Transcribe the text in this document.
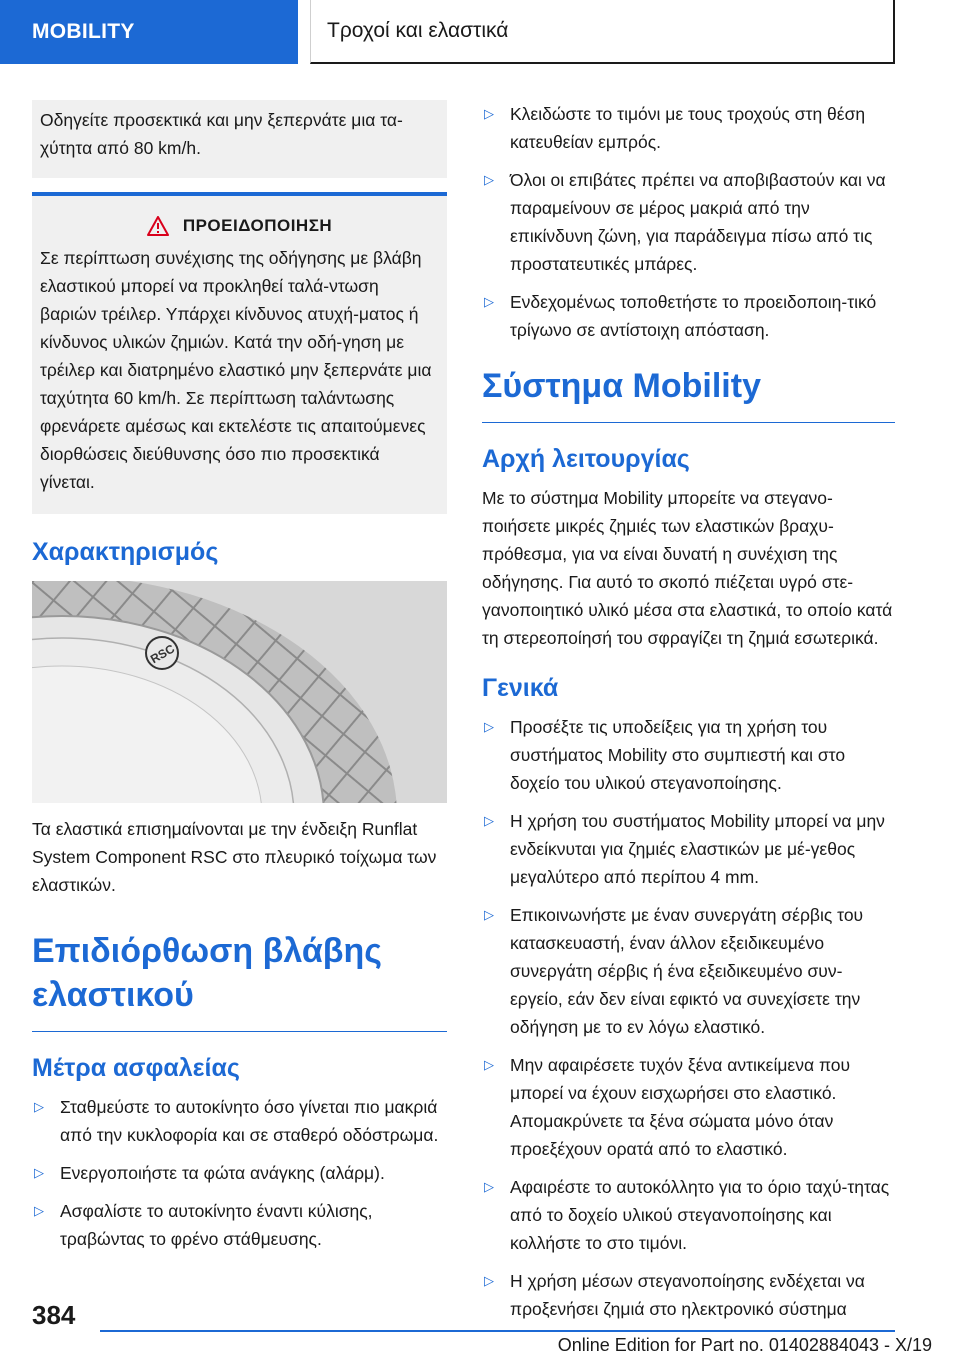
MOBILITY	Τροχοί και ελαστικά
Οδηγείτε προσεκτικά και μην ξεπερνάτε μια τα-χύτητα από 80 km/h.
ΠΡΟΕΙΔΟΠΟΙΗΣΗ
Σε περίπτωση συνέχισης της οδήγησης με βλάβη ελαστικού μπορεί να προκληθεί ταλά-ντωση βαριών τρέιλερ. Υπάρχει κίνδυνος ατυχή-ματος ή κίνδυνος υλικών ζημιών. Κατά την οδή-γηση με τρέιλερ και διατρημένο ελαστικό μην ξεπερνάτε μια ταχύτητα 60 km/h. Σε περίπτωση ταλάντωσης φρενάρετε αμέσως και εκτελέστε τις απαιτούμενες διορθώσεις διεύθυνσης όσο πιο προσεκτικά γίνεται.
Χαρακτηρισμός
RSC
Τα ελαστικά επισημαίνονται με την ένδειξη Runflat System Component RSC στο πλευρικό τοίχωμα των ελαστικών.
Επιδιόρθωση βλάβης ελαστικού
Μέτρα ασφαλείας
▷ Σταθμεύστε το αυτοκίνητο όσο γίνεται πιο μακριά από την κυκλοφορία και σε σταθερό οδόστρωμα.
▷ Ενεργοποιήστε τα φώτα ανάγκης (αλάρμ).
▷ Ασφαλίστε το αυτοκίνητο έναντι κύλισης, τραβώντας το φρένο στάθμευσης.
▷ Κλειδώστε το τιμόνι με τους τροχούς στη θέση κατευθείαν εμπρός.
▷ Όλοι οι επιβάτες πρέπει να αποβιβαστούν και να παραμείνουν σε μέρος μακριά από την επικίνδυνη ζώνη, για παράδειγμα πίσω από τις προστατευτικές μπάρες.
▷ Ενδεχομένως τοποθετήστε το προειδοποιη-τικό τρίγωνο σε αντίστοιχη απόσταση.
Σύστημα Mobility
Αρχή λειτουργίας
Με το σύστημα Mobility μπορείτε να στεγανο-ποιήσετε μικρές ζημιές των ελαστικών βραχυ-πρόθεσμα, για να είναι δυνατή η συνέχιση της οδήγησης. Για αυτό το σκοπό πιέζεται υγρό στε-γανοποιητικό υλικό μέσα στα ελαστικά, το οποίο κατά τη στερεοποίησή του σφραγίζει τη ζημιά εσωτερικά.
Γενικά
▷ Προσέξτε τις υποδείξεις για τη χρήση του συστήματος Mobility στο συμπιεστή και στο δοχείο του υλικού στεγανοποίησης.
▷ Η χρήση του συστήματος Mobility μπορεί να μην ενδείκνυται για ζημιές ελαστικών με μέ-γεθος μεγαλύτερο από περίπου 4 mm.
▷ Επικοινωνήστε με έναν συνεργάτη σέρβις του κατασκευαστή, έναν άλλον εξειδικευμένο συνεργάτη σέρβις ή ένα εξειδικευμένο συν-εργείο, εάν δεν είναι εφικτό να συνεχίσετε την οδήγηση με το εν λόγω ελαστικό.
▷ Μην αφαιρέσετε τυχόν ξένα αντικείμενα που μπορεί να έχουν εισχωρήσει στο ελαστικό. Απομακρύνετε τα ξένα σώματα μόνο όταν προεξέχουν ορατά από το ελαστικό.
▷ Αφαιρέστε το αυτοκόλλητο για το όριο ταχύ-τητας από το δοχείο υλικού στεγανοποίησης και κολλήστε το στο τιμόνι.
▷ Η χρήση μέσων στεγανοποίησης ενδέχεται να προξενήσει ζημιά στο ηλεκτρονικό σύστημα
384
Online Edition for Part no. 01402884043 - X/19
